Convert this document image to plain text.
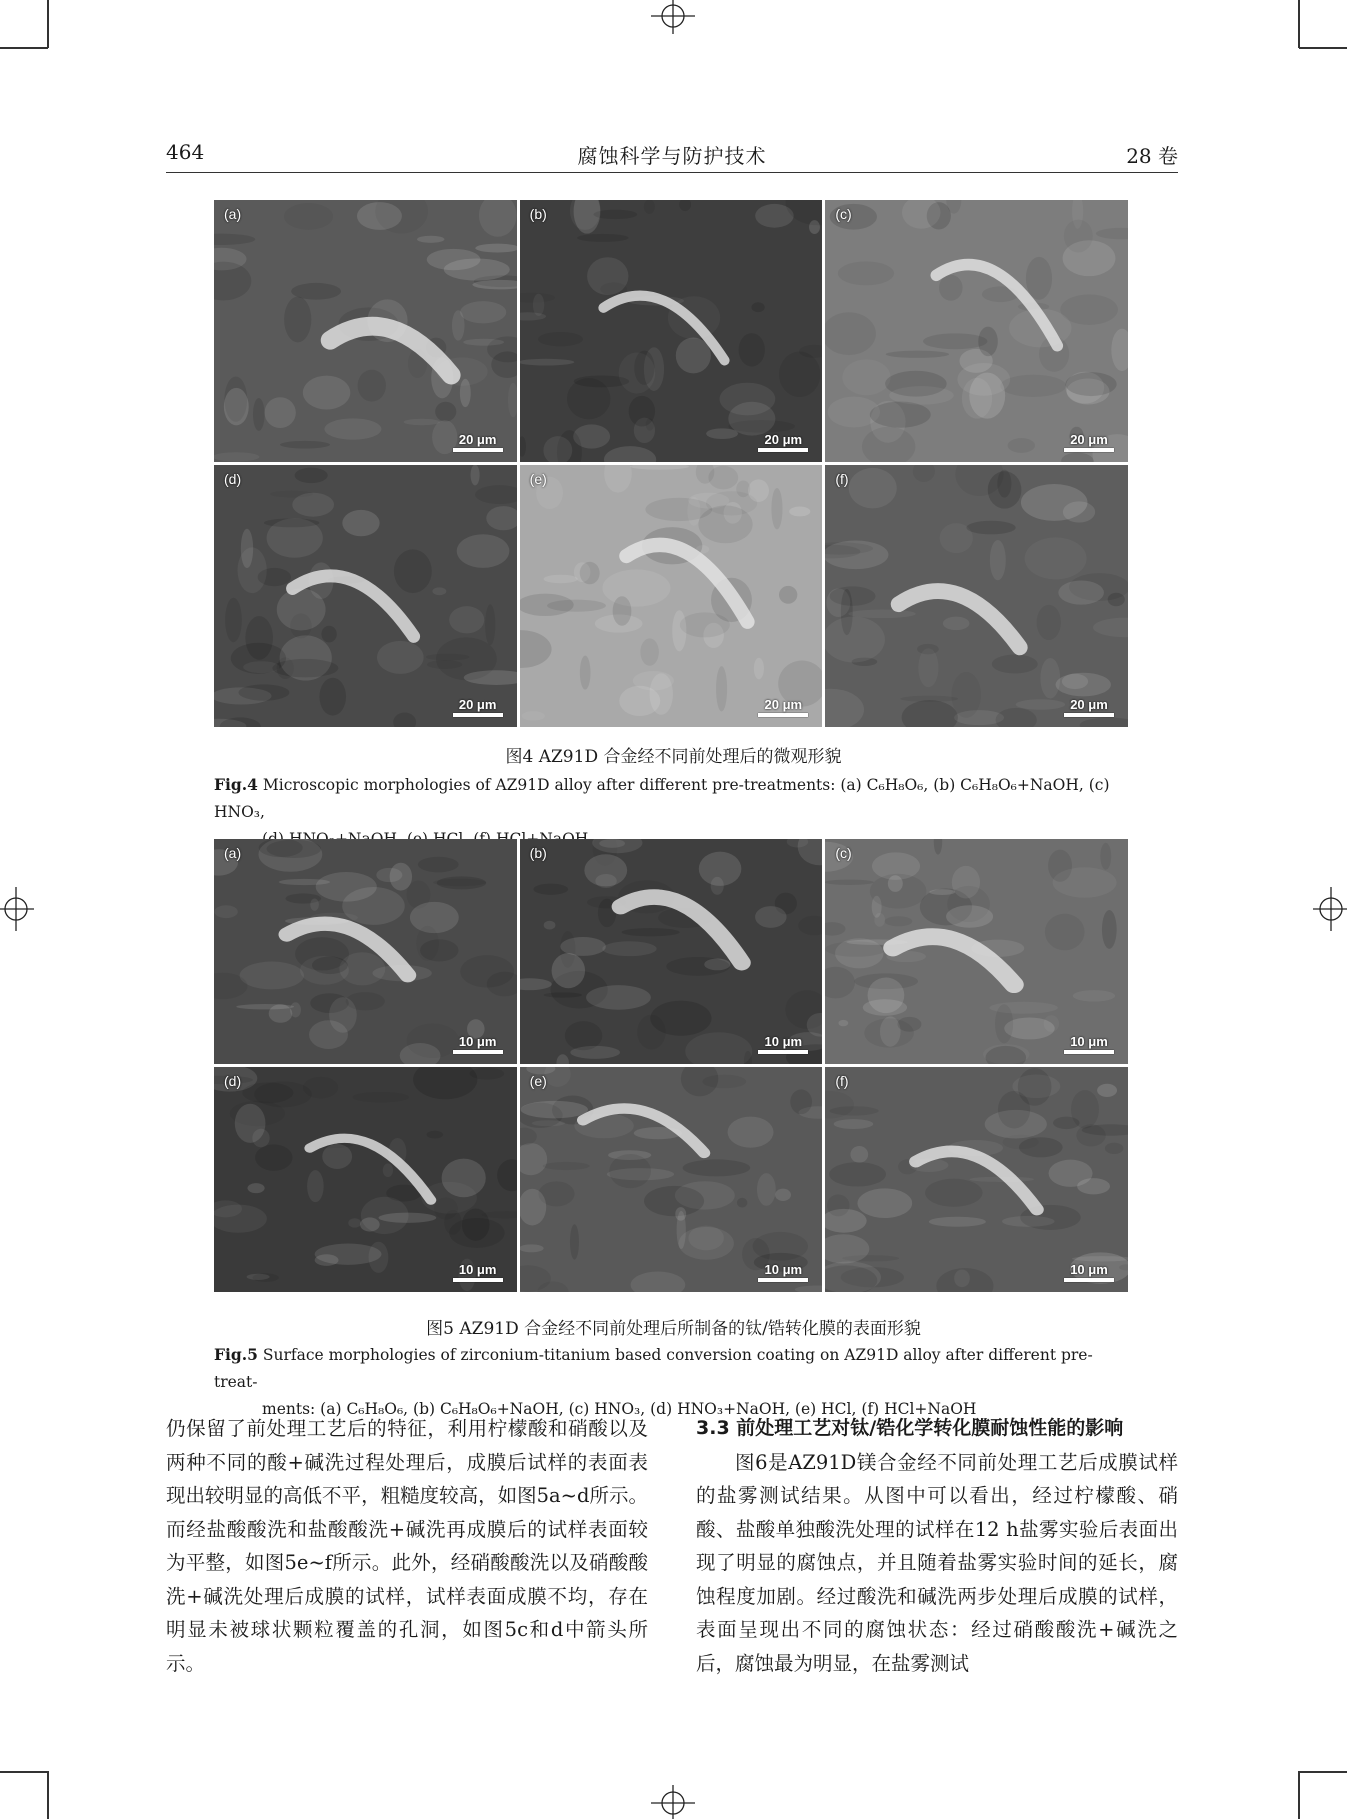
464	腐蚀科学与防护技术	28 卷
(a)
20 μm
(b)
20 μm
(c)
20 μm
(d)
20 μm
(e)
20 μm
(f)
20 μm
图4 AZ91D 合金经不同前处理后的微观形貌
Fig.4 Microscopic morphologies of AZ91D alloy after different pre-treatments: (a) C₆H₈O₆, (b) C₆H₈O₆+NaOH, (c) HNO₃,
(a)
10 μm
(b)
10 μm
(c)
10 μm
(d)
10 μm
(e)
10 μm
(f)
10 μm
图5 AZ91D 合金经不同前处理后所制备的钛/锆转化膜的表面形貌
Fig.5 Surface morphologies of zirconium-titanium based conversion coating on AZ91D alloy after different pre-treat-
ments: (a) C₆H₈O₆, (b) C₆H₈O₆+NaOH, (c) HNO₃, (d) HNO₃+NaOH, (e) HCl, (f) HCl+NaOH

仍保留了前处理工艺后的特征，利用柠檬酸和硝酸以及两种不同的酸+碱洗过程处理后，成膜后试样的表面表现出较明显的高低不平，粗糙度较高，如图5a~d所示。而经盐酸酸洗和盐酸酸洗+碱洗再成膜后的试样表面较为平整，如图5e~f所示。此外，经硝酸酸洗以及硝酸酸洗+碱洗处理后成膜的试样，试样表面成膜不均，存在明显未被球状颗粒覆盖的孔洞，如图5c和d中箭头所示。

3.3 前处理工艺对钛/锆化学转化膜耐蚀性能的影响

图6是AZ91D镁合金经不同前处理工艺后成膜试样的盐雾测试结果。从图中可以看出，经过柠檬酸、硝酸、盐酸单独酸洗处理的试样在12 h盐雾实验后表面出现了明显的腐蚀点，并且随着盐雾实验时间的延长，腐蚀程度加剧。经过酸洗和碱洗两步处理后成膜的试样，表面呈现出不同的腐蚀状态：经过硝酸酸洗+碱洗之后，腐蚀最为明显，在盐雾测试
